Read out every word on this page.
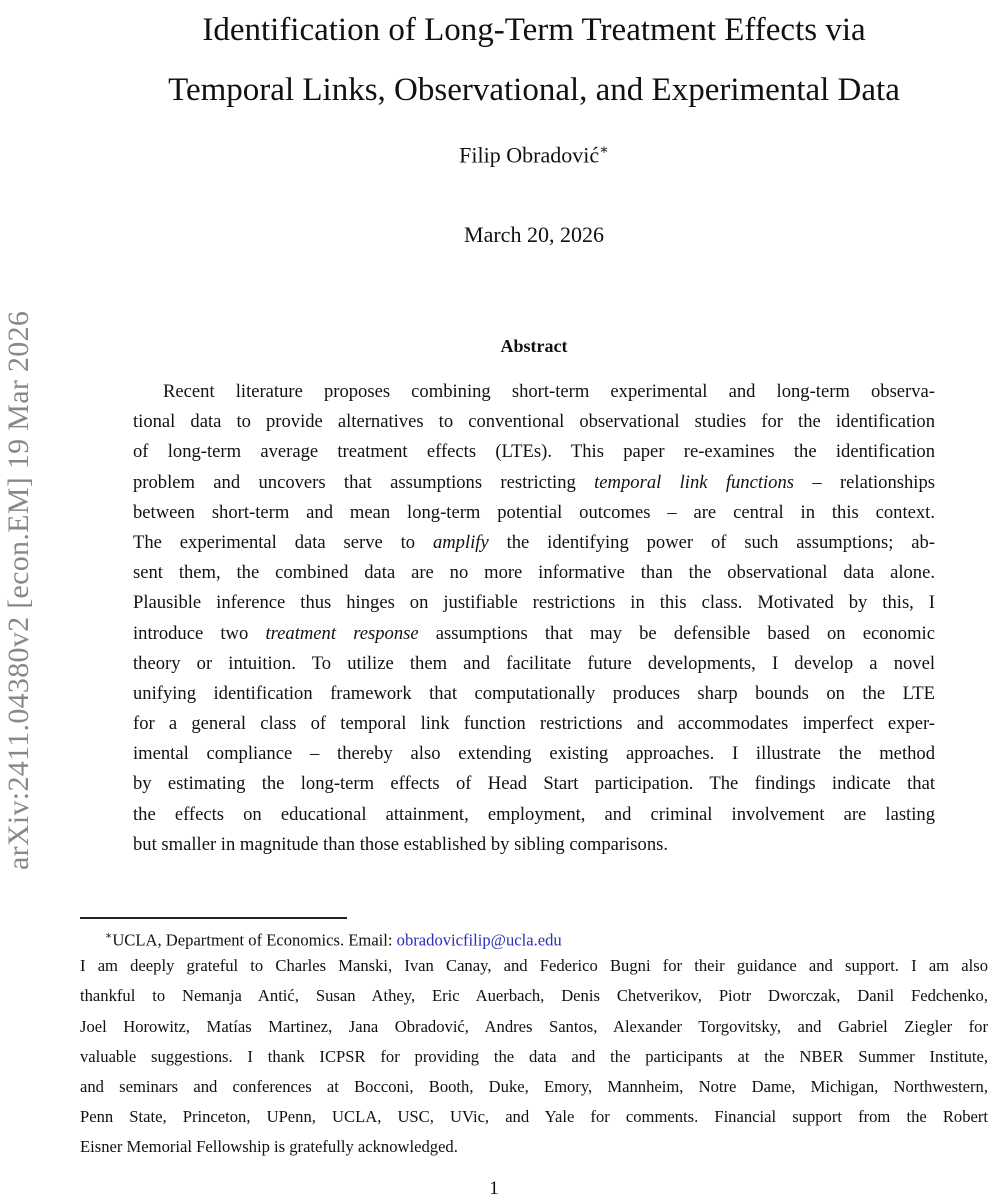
arXiv:2411.04380v2 [econ.EM] 19 Mar 2026
Identification of Long-Term Treatment Effects via
Temporal Links, Observational, and Experimental Data
Filip Obradović∗
March 20, 2026
Abstract
Recent literature proposes combining short-term experimental and long-term observa-
tional data to provide alternatives to conventional observational studies for the identification
of long-term average treatment effects (LTEs). This paper re-examines the identification
problem and uncovers that assumptions restricting temporal link functions – relationships
between short-term and mean long-term potential outcomes – are central in this context.
The experimental data serve to amplify the identifying power of such assumptions; ab-
sent them, the combined data are no more informative than the observational data alone.
Plausible inference thus hinges on justifiable restrictions in this class. Motivated by this, I
introduce two treatment response assumptions that may be defensible based on economic
theory or intuition. To utilize them and facilitate future developments, I develop a novel
unifying identification framework that computationally produces sharp bounds on the LTE
for a general class of temporal link function restrictions and accommodates imperfect exper-
imental compliance – thereby also extending existing approaches. I illustrate the method
by estimating the long-term effects of Head Start participation. The findings indicate that
the effects on educational attainment, employment, and criminal involvement are lasting
but smaller in magnitude than those established by sibling comparisons.
∗UCLA, Department of Economics. Email: obradovicfilip@ucla.edu
I am deeply grateful to Charles Manski, Ivan Canay, and Federico Bugni for their guidance and support. I am also
thankful to Nemanja Antić, Susan Athey, Eric Auerbach, Denis Chetverikov, Piotr Dworczak, Danil Fedchenko,
Joel Horowitz, Matías Martinez, Jana Obradović, Andres Santos, Alexander Torgovitsky, and Gabriel Ziegler for
valuable suggestions. I thank ICPSR for providing the data and the participants at the NBER Summer Institute,
and seminars and conferences at Bocconi, Booth, Duke, Emory, Mannheim, Notre Dame, Michigan, Northwestern,
Penn State, Princeton, UPenn, UCLA, USC, UVic, and Yale for comments. Financial support from the Robert
Eisner Memorial Fellowship is gratefully acknowledged.
1
